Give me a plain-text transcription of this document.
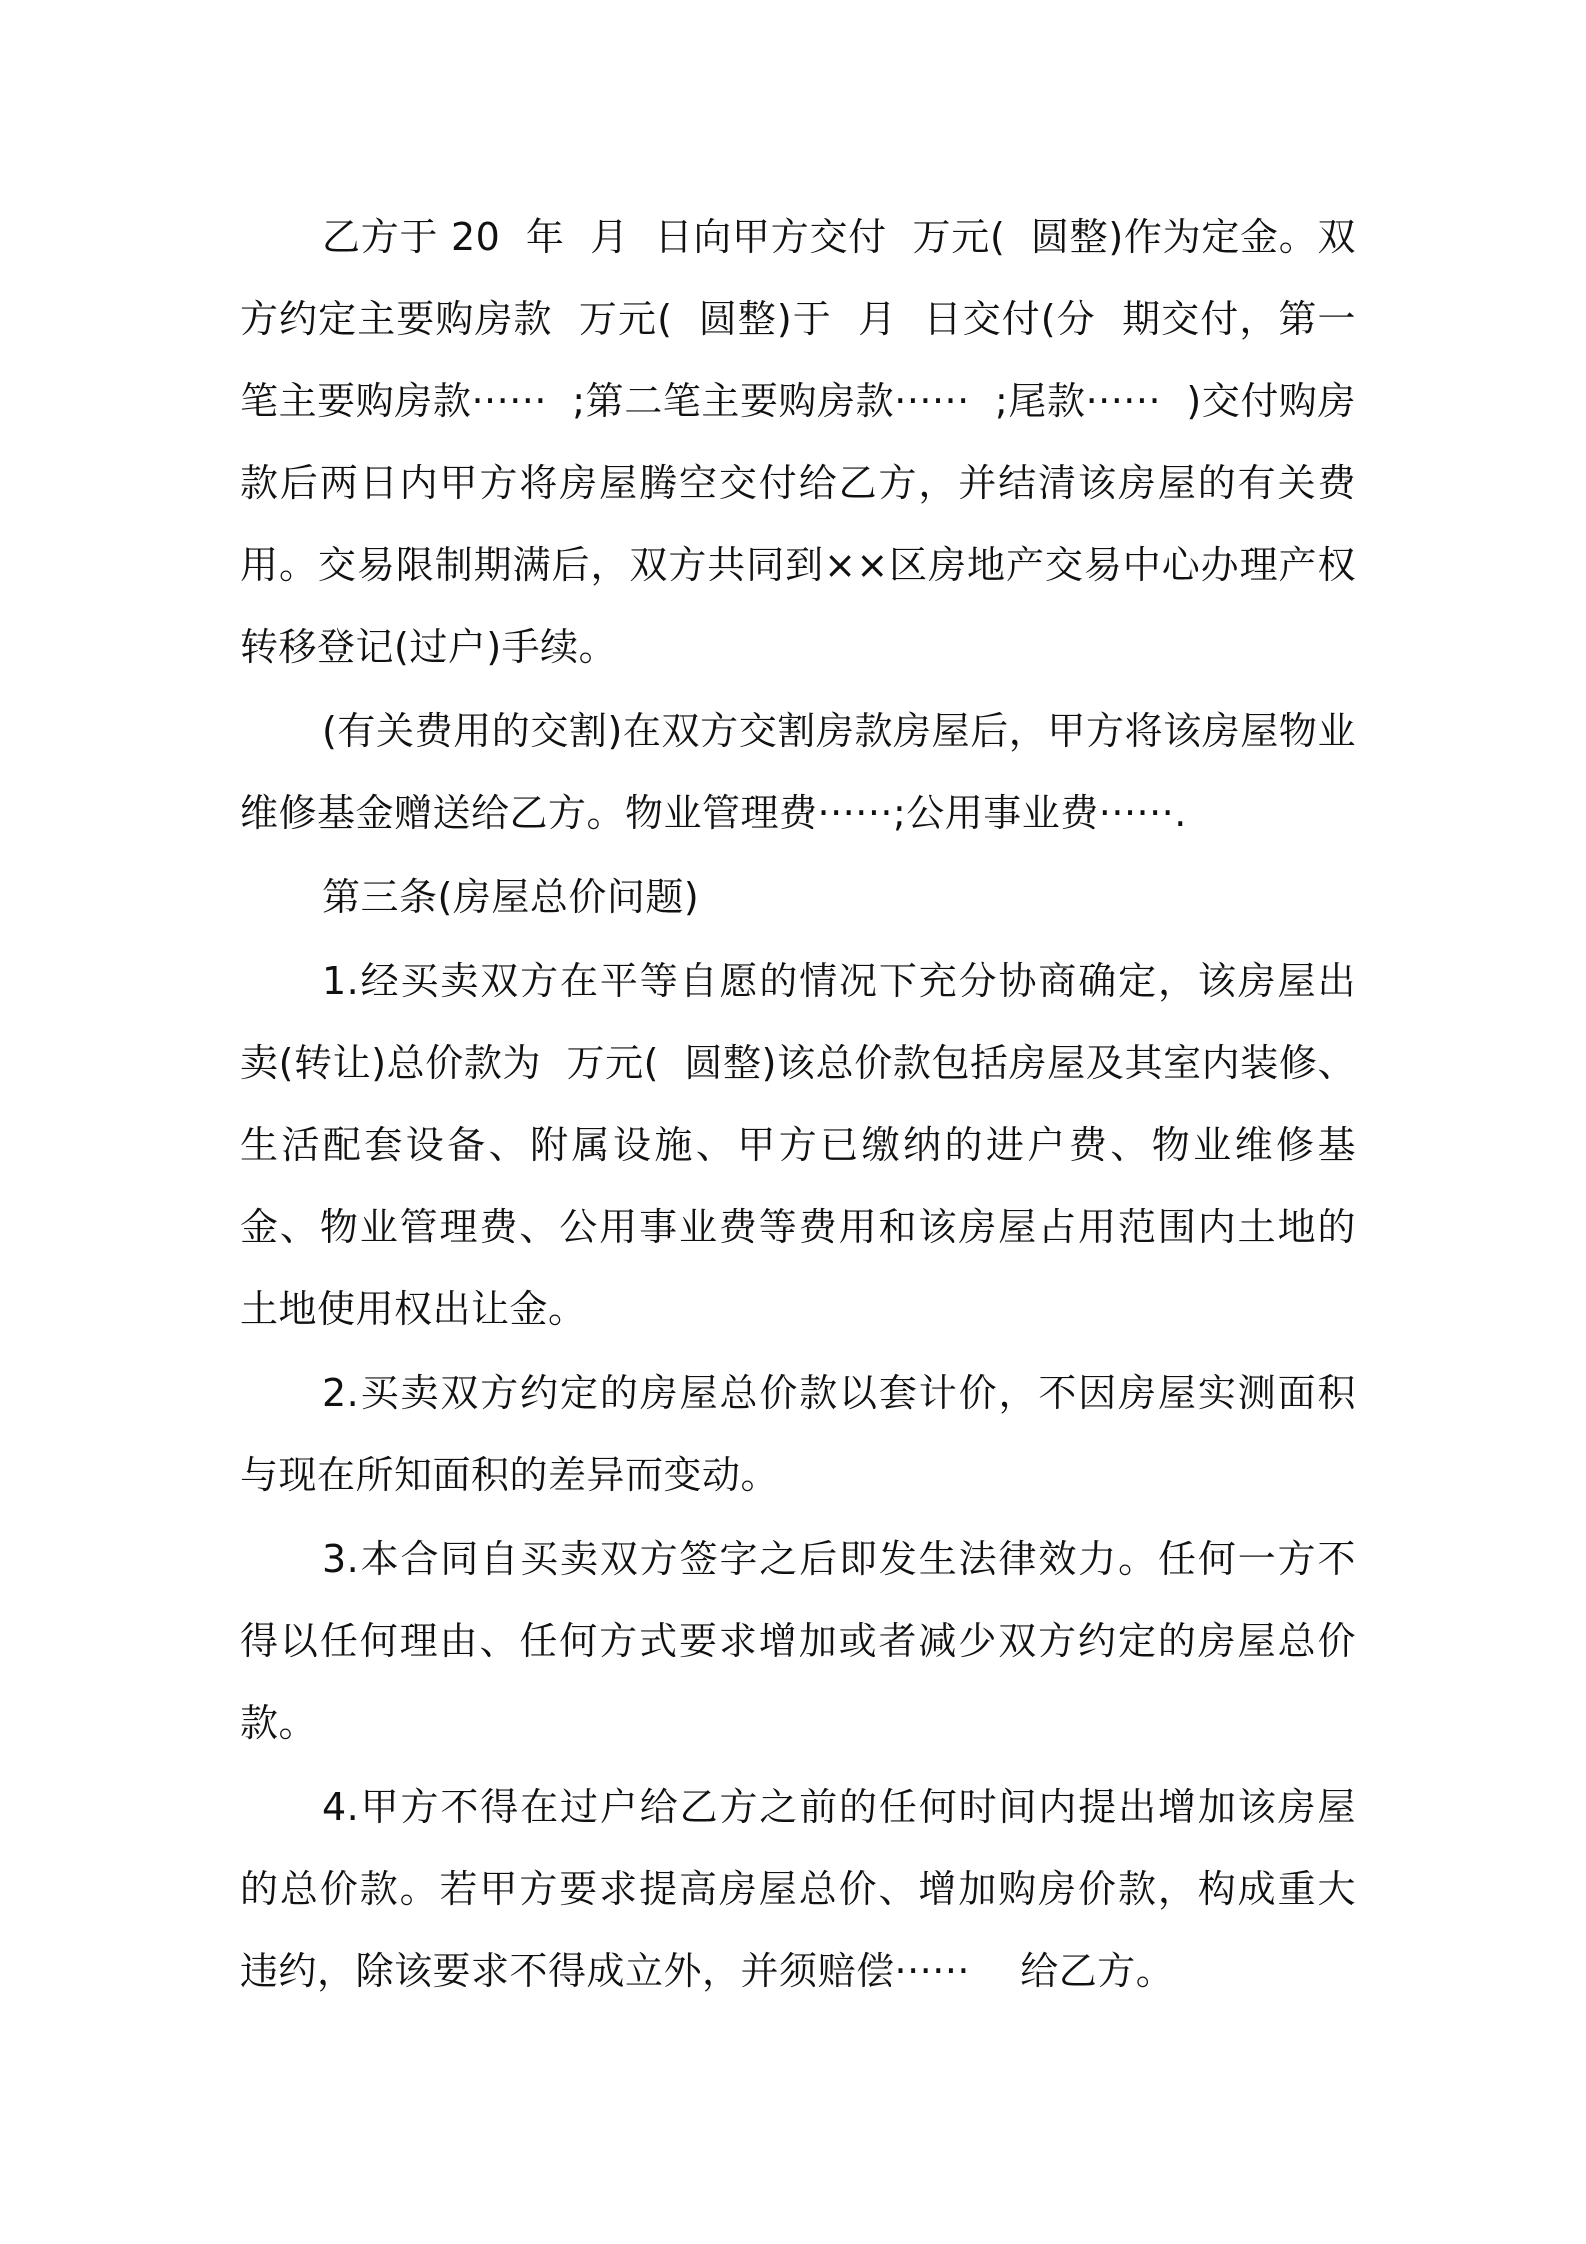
乙方于 20  年  月  日向甲方交付  万元(  圆整)作为定金。双方约定主要购房款  万元(  圆整)于  月  日交付(分  期交付，第一笔主要购房款······  ;第二笔主要购房款······  ;尾款······  )交付购房款后两日内甲方将房屋腾空交付给乙方，并结清该房屋的有关费用。交易限制期满后，双方共同到××区房地产交易中心办理产权转移登记(过户)手续。

(有关费用的交割)在双方交割房款房屋后，甲方将该房屋物业维修基金赠送给乙方。物业管理费······;公用事业费······.

第三条(房屋总价问题)

1.经买卖双方在平等自愿的情况下充分协商确定，该房屋出卖(转让)总价款为  万元(  圆整)该总价款包括房屋及其室内装修、生活配套设备、附属设施、甲方已缴纳的进户费、物业维修基金、物业管理费、公用事业费等费用和该房屋占用范围内土地的土地使用权出让金。

2.买卖双方约定的房屋总价款以套计价，不因房屋实测面积与现在所知面积的差异而变动。

3.本合同自买卖双方签字之后即发生法律效力。任何一方不得以任何理由、任何方式要求增加或者减少双方约定的房屋总价款。

4.甲方不得在过户给乙方之前的任何时间内提出增加该房屋的总价款。若甲方要求提高房屋总价、增加购房价款，构成重大违约，除该要求不得成立外，并须赔偿······    给乙方。
